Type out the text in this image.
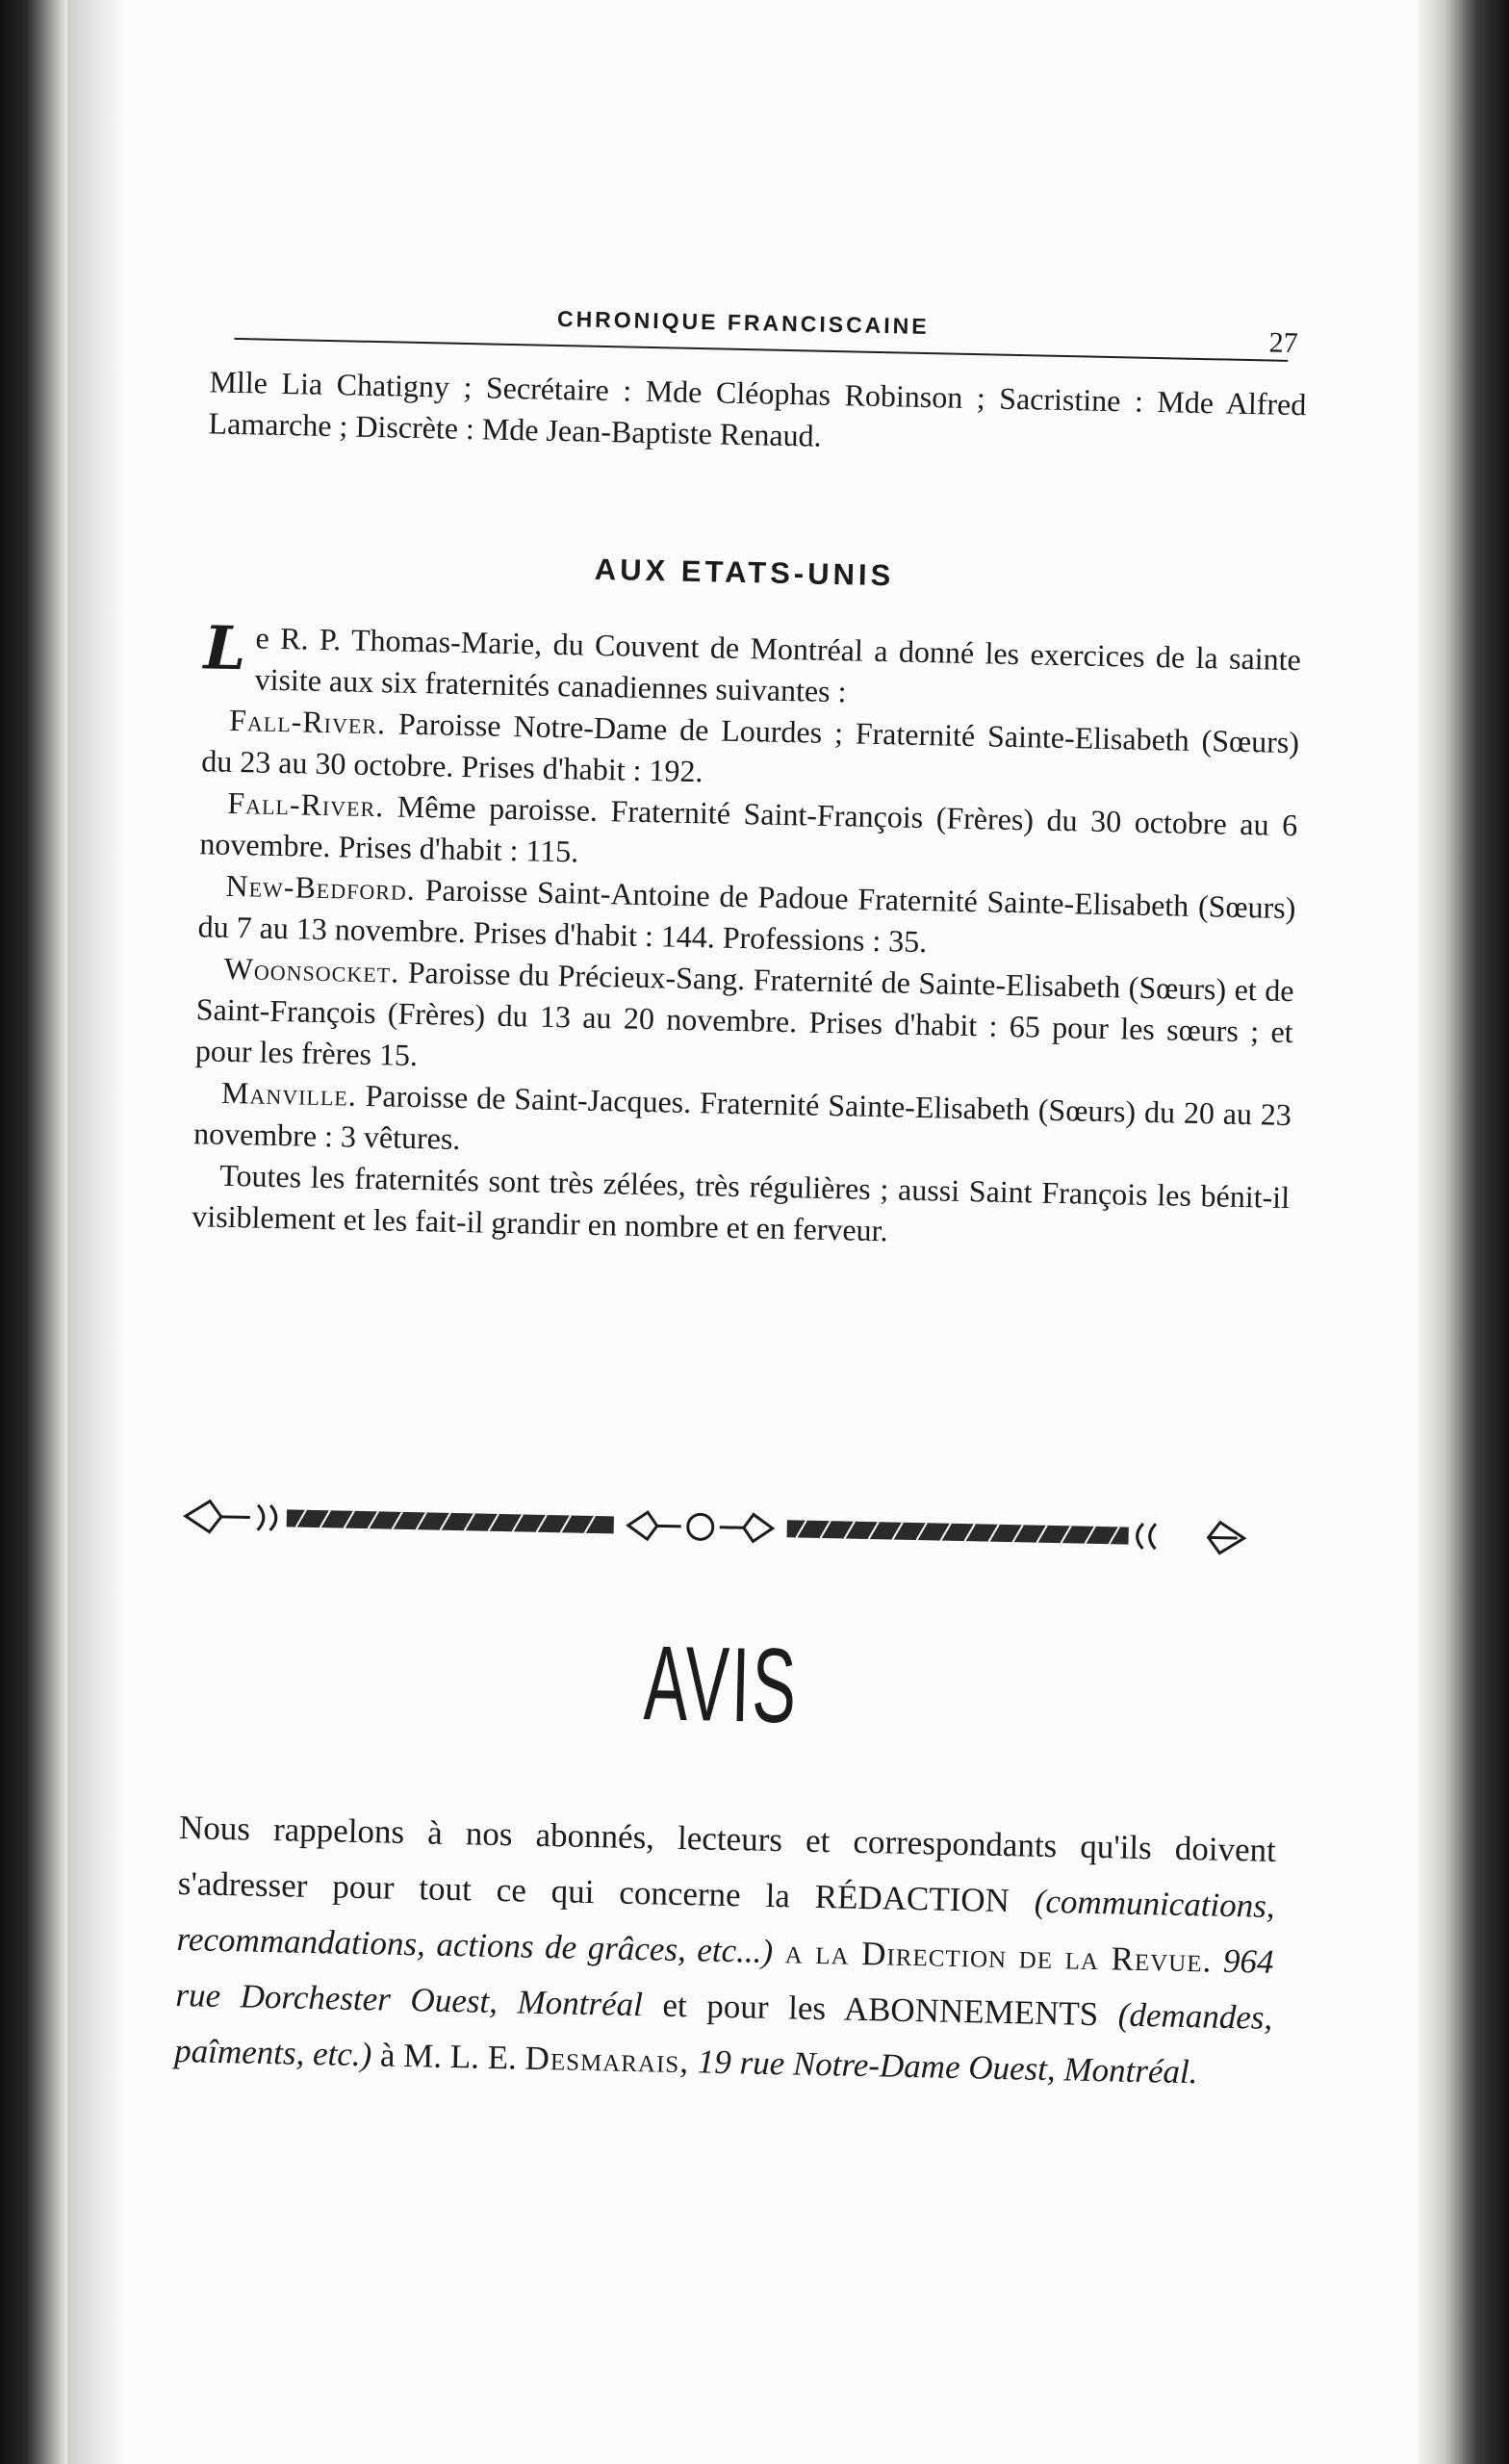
CHRONIQUE FRANCISCAINE
27
Mlle Lia Chatigny ; Secrétaire : Mde Cléophas Robinson ; Sacristine : Mde Alfred Lamarche ; Discrète : Mde Jean-Baptiste Renaud.
AUX ETATS-UNIS
Le R. P. Thomas-Marie, du Couvent de Montréal a donné les exercices de la sainte visite aux six fraternités canadiennes suivantes :
Fall-River. Paroisse Notre-Dame de Lourdes ; Fraternité Sainte-Elisabeth (Sœurs) du 23 au 30 octobre. Prises d'habit : 192.
Fall-River. Même paroisse. Fraternité Saint-François (Frères) du 30 octobre au 6 novembre. Prises d'habit : 115.
New-Bedford. Paroisse Saint-Antoine de Padoue Fraternité Sainte-Elisabeth (Sœurs) du 7 au 13 novembre. Prises d'habit : 144. Professions : 35.
Woonsocket. Paroisse du Précieux-Sang. Fraternité de Sainte-Elisabeth (Sœurs) et de Saint-François (Frères) du 13 au 20 novembre. Prises d'habit : 65 pour les sœurs ; et pour les frères 15.
Manville. Paroisse de Saint-Jacques. Fraternité Sainte-Elisabeth (Sœurs) du 20 au 23 novembre : 3 vêtures.
Toutes les fraternités sont très zélées, très régulières ; aussi Saint François les bénit-il visiblement et les fait-il grandir en nombre et en ferveur.
AVIS
Nous rappelons à nos abonnés, lecteurs et correspondants qu'ils doivent s'adresser pour tout ce qui concerne la RÉDACTION (communications, recommandations, actions de grâces, etc...) a la Direction de la Revue. 964 rue Dorchester Ouest, Montréal et pour les ABONNEMENTS (demandes, paîments, etc.) à M. L. E. Desmarais, 19 rue Notre-Dame Ouest, Montréal.
